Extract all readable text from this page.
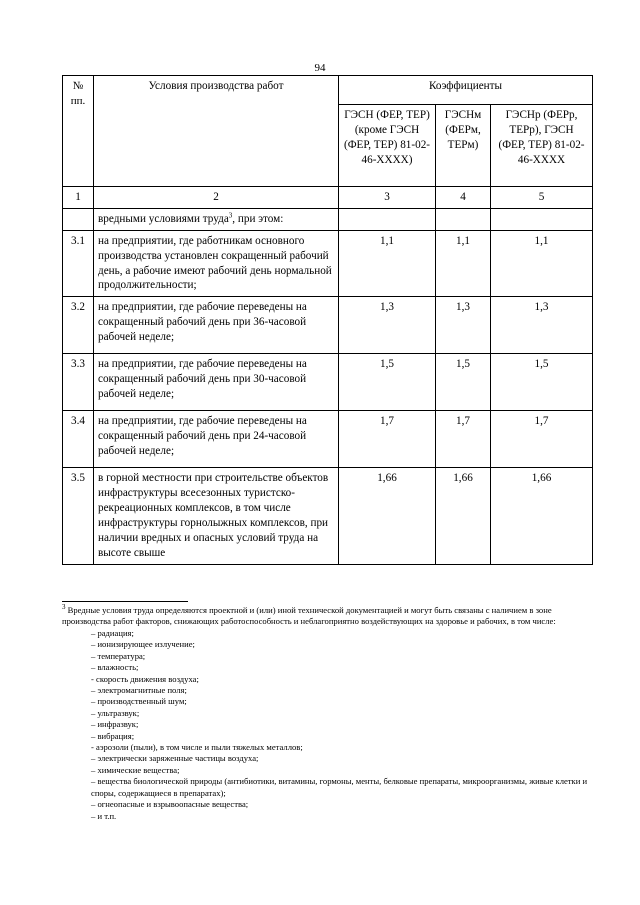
94
№ пп.	Условия производства работ	Коэффициенты		
		ГЭСН (ФЕР, ТЕР) (кроме ГЭСН (ФЕР, ТЕР) 81-02-46-ХХХХ)	ГЭСНм (ФЕРм, ТЕРм)	ГЭСНр (ФЕРр, ТЕРр), ГЭСН (ФЕР, ТЕР) 81-02-46-ХХХХ
1	2	3	4	5
	вредными условиями труда$^3$, при этом:			
3.1	на предприятии, где работникам основного производства установлен сокращенный рабочий день, а рабочие имеют рабочий день нормальной продолжительности;	1,1	1,1	1,1
3.2	на предприятии, где рабочие переведены на сокращенный рабочий день при 36-часовой рабочей неделе;	1,3	1,3	1,3
3.3	на предприятии, где рабочие переведены на сокращенный рабочий день при 30-часовой рабочей неделе;	1,5	1,5	1,5
3.4	на предприятии, где рабочие переведены на сокращенный рабочий день при 24-часовой рабочей неделе;	1,7	1,7	1,7
3.5	в горной местности при строительстве объектов инфраструктуры всесезонных туристско-рекреационных комплексов, в том числе инфраструктуры горнолыжных комплексов, при наличии вредных и опасных условий труда на высоте свыше	1,66	1,66	1,66

$^3$ Вредные условия труда определяются проектной и (или) иной технической документацией и могут быть связаны с наличием в зоне производства работ факторов, снижающих работоспособность и неблагоприятно воздействующих на здоровье и рабочих, в том числе:

– радиация;
– ионизирующее излучение;
– температура;
– влажность;
- скорость движения воздуха;
– электромагнитные поля;
– производственный шум;
– ультразвук;
– инфразвук;
– вибрация;
- аэрозоли (пыли), в том числе и пыли тяжелых металлов;
– электрически заряженные частицы воздуха;
– химические вещества;
– вещества биологической природы (антибиотики, витамины, гормоны, менты, белковые препараты, микроорганизмы, живые клетки и споры, содержащиеся в препаратах);
– огнеопасные и взрывоопасные вещества;
– и т.п.
